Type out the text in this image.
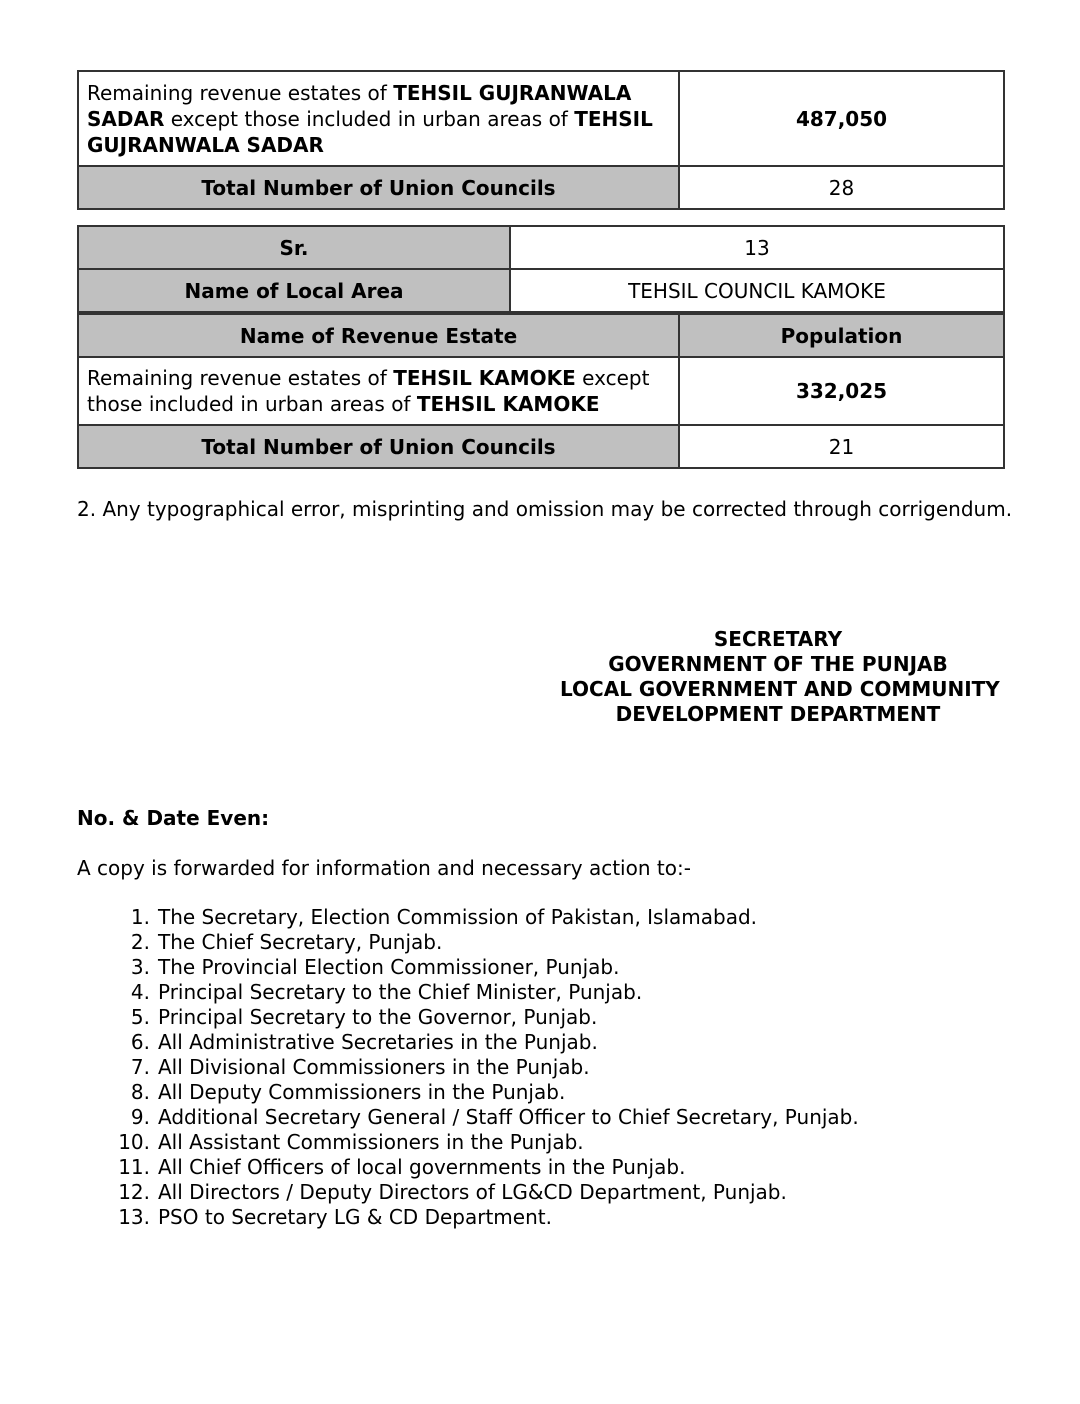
Remaining revenue estates of TEHSIL GUJRANWALA SADAR except those included in urban areas of TEHSIL GUJRANWALA SADAR	487,050
Total Number of Union Councils	28
Sr.	13
Name of Local Area	TEHSIL COUNCIL KAMOKE
Name of Revenue Estate	Population
Remaining revenue estates of TEHSIL KAMOKE except those included in urban areas of TEHSIL KAMOKE	332,025
Total Number of Union Councils	21
2. Any typographical error, misprinting and omission may be corrected through corrigendum.
SECRETARY
GOVERNMENT OF THE PUNJAB
LOCAL GOVERNMENT AND COMMUNITY
DEVELOPMENT DEPARTMENT
No. & Date Even:
A copy is forwarded for information and necessary action to:-
1. The Secretary, Election Commission of Pakistan, Islamabad.
2. The Chief Secretary, Punjab.
3. The Provincial Election Commissioner, Punjab.
4. Principal Secretary to the Chief Minister, Punjab.
5. Principal Secretary to the Governor, Punjab.
6. All Administrative Secretaries in the Punjab.
7. All Divisional Commissioners in the Punjab.
8. All Deputy Commissioners in the Punjab.
9. Additional Secretary General / Staff Officer to Chief Secretary, Punjab.
10. All Assistant Commissioners in the Punjab.
11. All Chief Officers of local governments in the Punjab.
12. All Directors / Deputy Directors of LG&CD Department, Punjab.
13. PSO to Secretary LG & CD Department.
